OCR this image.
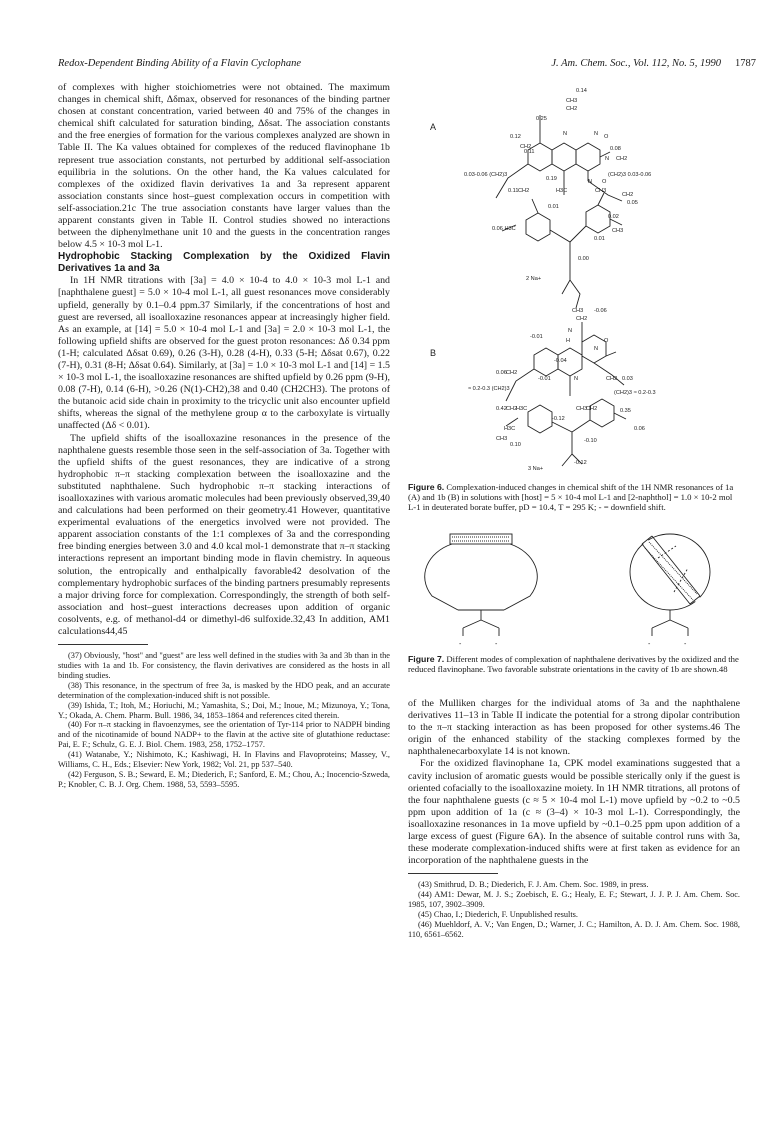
Redox-Dependent Binding Ability of a Flavin Cyclophane	J. Am. Chem. Soc., Vol. 112, No. 5, 1990 1787

of complexes with higher stoichiometries were not obtained. The maximum changes in chemical shift, Δδmax, observed for resonances of the binding partner chosen at constant concentration, varied between 40 and 75% of the changes in chemical shift calculated for saturation binding, Δδsat. The association constants and the free energies of formation for the various complexes analyzed are shown in Table II. The Ka values obtained for complexes of the reduced flavinophane 1b represent true association constants, not perturbed by additional self-association equilibria in the solutions. On the other hand, the Ka values calculated for complexes of the oxidized flavin derivatives 1a and 3a represent apparent association constants since host–guest complexation occurs in competition with self-association.21c The true association constants have larger values than the apparent constants given in Table II. Control studies showed no interactions between the diphenylmethane unit 10 and the guests in the concentration ranges below 4.5 × 10-3 mol L-1.

Hydrophobic Stacking Complexation by the Oxidized Flavin Derivatives 1a and 3a

In 1H NMR titrations with [3a] = 4.0 × 10-4 to 4.0 × 10-3 mol L-1 and [naphthalene guest] = 5.0 × 10-4 mol L-1, all guest resonances move considerably upfield, generally by 0.1–0.4 ppm.37 Similarly, if the concentrations of host and guest are reversed, all isoalloxazine resonances appear at increasingly higher field. As an example, at [14] = 5.0 × 10-4 mol L-1 and [3a] = 2.0 × 10-3 mol L-1, the following upfield shifts are observed for the guest proton resonances: Δδ 0.34 ppm (1-H; calculated Δδsat 0.69), 0.26 (3-H), 0.28 (4-H), 0.33 (5-H; Δδsat 0.67), 0.22 (7-H), 0.31 (8-H; Δδsat 0.64). Similarly, at [3a] = 1.0 × 10-3 mol L-1 and [14] = 1.5 × 10-3 mol L-1, the isoalloxazine resonances are shifted upfield by 0.26 ppm (9-H), 0.08 (7-H), 0.14 (6-H), >0.26 (N(1)-CH2),38 and 0.40 (CH2CH3). The protons of the butanoic acid side chain in proximity to the tricyclic unit also encounter upfield shifts, whereas the signal of the methylene group α to the carboxylate is virtually unaffected (Δδ < 0.01).

The upfield shifts of the isoalloxazine resonances in the presence of the naphthalene guests resemble those seen in the self-association of 3a. Together with the upfield shifts of the guest resonances, they are indicative of a strong hydrophobic π–π stacking complexation between the isoalloxazine and the substituted naphthalene. Such hydrophobic π–π stacking interactions of isoalloxazines with various aromatic molecules had been previously observed,39,40 and calculations had been performed on their geometry.41 However, quantitative experimental evaluations of the energetics involved were not provided. The apparent association constants of the 1:1 complexes of 3a and the corresponding free binding energies between 3.0 and 4.0 kcal mol-1 demonstrate that π–π stacking interactions represent an important binding mode in flavin chemistry. In aqueous solution, the entropically and enthalpically favorable42 desolvation of the complementary hydrophobic surfaces of the binding partners presumably represents a major driving force for complexation. Correspondingly, the strength of both self-association and host–guest interactions decreases upon addition of organic cosolvents, e.g. of methanol-d4 or dimethyl-d6 sulfoxide.32,43 In addition, AM1 calculations44,45

(37) Obviously, "host" and "guest" are less well defined in the studies with 3a and 3b than in the studies with 1a and 1b. For consistency, the flavin derivatives are considered as the hosts in all binding studies.

(38) This resonance, in the spectrum of free 3a, is masked by the HDO peak, and an accurate determination of the complexation-induced shift is not possible.

(39) Ishida, T.; Itoh, M.; Horiuchi, M.; Yamashita, S.; Doi, M.; Inoue, M.; Mizunoya, Y.; Tona, Y.; Okada, A. Chem. Pharm. Bull. 1986, 34, 1853–1864 and references cited therein.

(40) For π–π stacking in flavoenzymes, see the orientation of Tyr-114 prior to NADPH binding and of the nicotinamide of bound NADP+ to the flavin at the active site of glutathione reductase: Pai, E. F.; Schulz, G. E. J. Biol. Chem. 1983, 258, 1752–1757.

(41) Watanabe, Y.; Nishimoto, K.; Kashiwagi, H. In Flavins and Flavoproteins; Massey, V., Williams, C. H., Eds.; Elsevier: New York, 1982; Vol. 21, pp 537–540.

(42) Ferguson, S. B.; Seward, E. M.; Diederich, F.; Sanford, E. M.; Chou, A.; Inocencio-Szweda, P.; Knobler, C. B. J. Org. Chem. 1988, 53, 5593–5595.

A
B
0.14
CH3
CH2
0.25
N	N O
0.12
CH2	0.08
0.11
N CH2
0.03-0.06 (CH2)3
0.19	N O
(CH2)3 0.03-0.06
0.11 CH2	H3C	CH3
CH2
0.05
0.01
0.02
0.06 H3C	CH3
0.01
0.00
2 Na+
CH3 -0.06
CH2
N
-0.01
H
N
O
-0.04
0.06 CH2
-0.01	N	CH2 0.03
≈ 0.2-0.3 (CH2)3
(CH2)3 ≈ 0.2-0.3
0.42 CH2
H3C	CH3
CH2	0.35
-0.12
0.06
CH3
H3C
0.10
-0.10
-0.12
3 Na+
Figure 6. Complexation-induced changes in chemical shift of the 1H NMR resonances of 1a (A) and 1b (B) in solutions with [host] = 5 × 10-4 mol L-1 and [2-naphthol] = 1.0 × 10-2 mol L-1 in deuterated borate buffer, pD = 10.4, T = 295 K; - = downfield shift.
-	-	-	-
Figure 7. Different modes of complexation of naphthalene derivatives by the oxidized and the reduced flavinophane. Two favorable substrate orientations in the cavity of 1b are shown.48

of the Mulliken charges for the individual atoms of 3a and the naphthalene derivatives 11–13 in Table II indicate the potential for a strong dipolar contribution to the π–π stacking interaction as has been proposed for other systems.46 The origin of the enhanced stability of the stacking complexes formed by the naphthalenecarboxylate 14 is not known.

For the oxidized flavinophane 1a, CPK model examinations suggested that a cavity inclusion of aromatic guests would be possible sterically only if the guest is oriented cofacially to the isoalloxazine moiety. In 1H NMR titrations, all protons of the four naphthalene guests (c ≈ 5 × 10-4 mol L-1) move upfield by ~0.2 to ~0.5 ppm upon addition of 1a (c ≈ (3–4) × 10-3 mol L-1). Correspondingly, the isoalloxazine resonances in 1a move upfield by ~0.1–0.25 ppm upon addition of a large excess of guest (Figure 6A). In the absence of suitable control runs with 3a, these moderate complexation-induced shifts were at first taken as evidence for an incorporation of the naphthalene guests in the

(43) Smithrud, D. B.; Diederich, F. J. Am. Chem. Soc. 1989, in press.

(44) AM1: Dewar, M. J. S.; Zoebisch, E. G.; Healy, E. F.; Stewart, J. J. P. J. Am. Chem. Soc. 1985, 107, 3902–3909.

(45) Chao, I.; Diederich, F. Unpublished results.

(46) Muehldorf, A. V.; Van Engen, D.; Warner, J. C.; Hamilton, A. D. J. Am. Chem. Soc. 1988, 110, 6561–6562.
